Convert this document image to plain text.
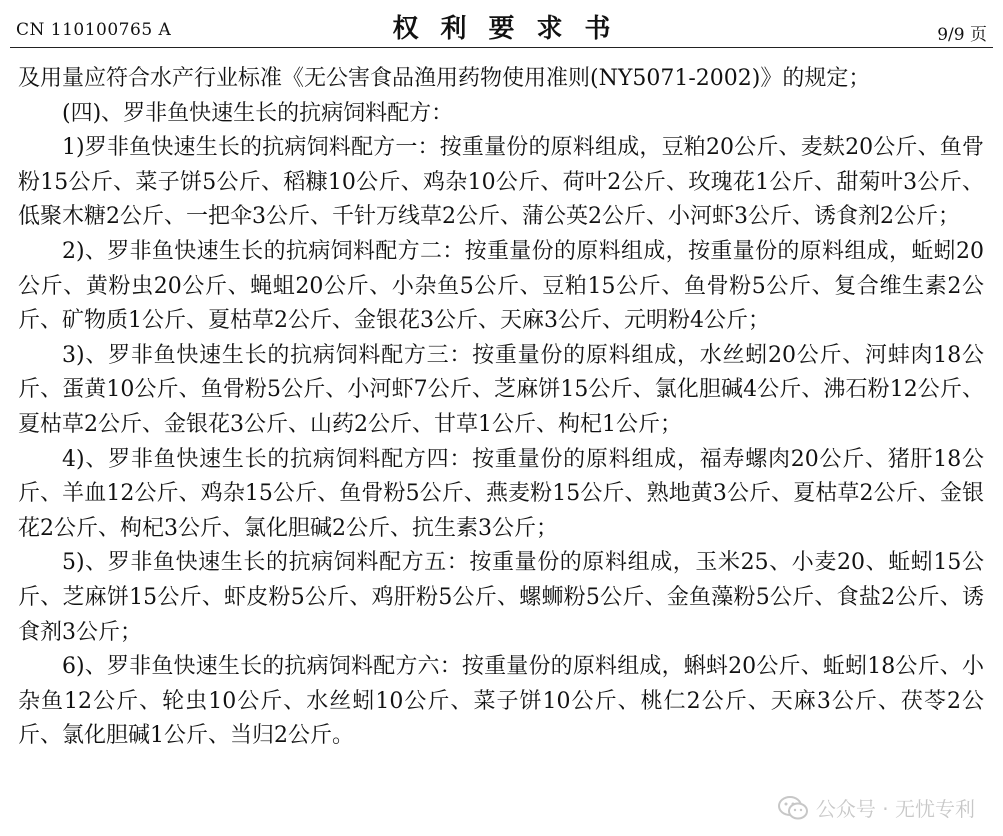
CN 110100765 A	权利要求书	9/9 页

及用量应符合水产行业标准《无公害食品渔用药物使用准则(NY5071-2002)》的规定；

(四)、罗非鱼快速生长的抗病饲料配方：

1)罗非鱼快速生长的抗病饲料配方一：按重量份的原料组成，豆粕20公斤、麦麸20公斤、鱼骨粉15公斤、菜子饼5公斤、稻糠10公斤、鸡杂10公斤、荷叶2公斤、玫瑰花1公斤、甜菊叶3公斤、低聚木糖2公斤、一把伞3公斤、千针万线草2公斤、蒲公英2公斤、小河虾3公斤、诱食剂2公斤；

2)、罗非鱼快速生长的抗病饲料配方二：按重量份的原料组成，按重量份的原料组成，蚯蚓20公斤、黄粉虫20公斤、蝇蛆20公斤、小杂鱼5公斤、豆粕15公斤、鱼骨粉5公斤、复合维生素2公斤、矿物质1公斤、夏枯草2公斤、金银花3公斤、天麻3公斤、元明粉4公斤；

3)、罗非鱼快速生长的抗病饲料配方三：按重量份的原料组成，水丝蚓20公斤、河蚌肉18公斤、蛋黄10公斤、鱼骨粉5公斤、小河虾7公斤、芝麻饼15公斤、氯化胆碱4公斤、沸石粉12公斤、夏枯草2公斤、金银花3公斤、山药2公斤、甘草1公斤、枸杞1公斤；

4)、罗非鱼快速生长的抗病饲料配方四：按重量份的原料组成，福寿螺肉20公斤、猪肝18公斤、羊血12公斤、鸡杂15公斤、鱼骨粉5公斤、燕麦粉15公斤、熟地黄3公斤、夏枯草2公斤、金银花2公斤、枸杞3公斤、氯化胆碱2公斤、抗生素3公斤；

5)、罗非鱼快速生长的抗病饲料配方五：按重量份的原料组成，玉米25、小麦20、蚯蚓15公斤、芝麻饼15公斤、虾皮粉5公斤、鸡肝粉5公斤、螺蛳粉5公斤、金鱼藻粉5公斤、食盐2公斤、诱食剂3公斤；

6)、罗非鱼快速生长的抗病饲料配方六：按重量份的原料组成，蝌蚪20公斤、蚯蚓18公斤、小杂鱼12公斤、轮虫10公斤、水丝蚓10公斤、菜子饼10公斤、桃仁2公斤、天麻3公斤、茯苓2公斤、氯化胆碱1公斤、当归2公斤。

公众号 · 无忧专利
